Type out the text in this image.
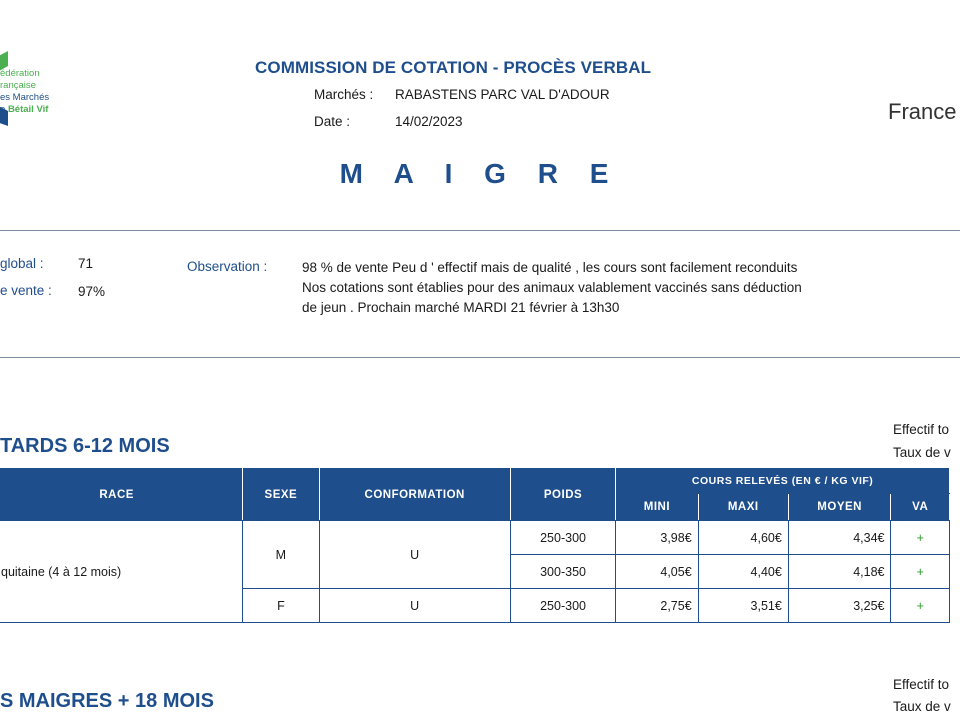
édération
rançaise
es Marchés
e Bétail Vif
COMMISSION DE COTATION - PROCÈS VERBAL
Marchés : RABASTENS PARC VAL D'ADOUR
Date :	14/02/2023	France
M A I G R E
global :	71
e vente : 97%
Observation :	98 % de vente Peu d ' effectif mais de qualité , les cours sont facilement reconduits Nos cotations sont établies pour des animaux valablement vaccinés sans déduction de jeun . Prochain marché MARDI 21 février à 13h30
TARDS 6-12 MOIS
Effectif to
Taux de v
RACE	SEXE	CONFORMATION	POIDS	COURS RELEVÉS (EN € / KG VIF)			
				MINI	MAXI	MOYEN	VA
quitaine (4 à 12 mois)	M	U	250-300	3,98€	4,60€	4,34€	+
			300-350	4,05€	4,40€	4,18€	+
	F	U	250-300	2,75€	3,51€	3,25€	+
S MAIGRES + 18 MOIS
Effectif to
Taux de v
